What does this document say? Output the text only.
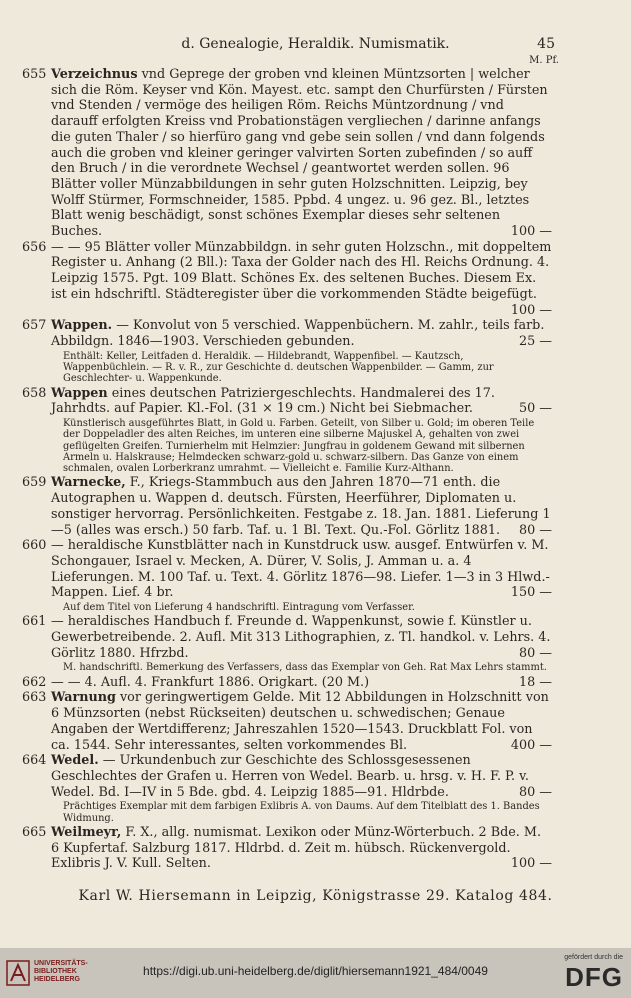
d. Genealogie, Heraldik. Numismatik.	45
M. Pf.
655 Verzeichnus vnd Geprege der groben vnd kleinen Müntzsorten | welcher sich die Röm. Keyser vnd Kön. Mayest. etc. sampt den Churfürsten / Fürsten vnd Stenden / vermöge des heiligen Röm. Reichs Müntzordnung / vnd darauff erfolgten Kreiss vnd Probationstägen vergliechen / darinne anfangs die guten Thaler / so hierfüro gang vnd gebe sein sollen / vnd dann folgends auch die groben vnd kleiner geringer valvirten Sorten zubefinden / so auff den Bruch / in die verordnete Wechsel / geantwortet werden sollen. 96 Blätter voller Münzabbildungen in sehr guten Holzschnitten. Leipzig, bey Wolff Stürmer, Formschneider, 1585. Ppbd. 4 ungez. u. 96 gez. Bl., letztes Blatt wenig beschädigt, sonst schönes Exemplar dieses sehr seltenen Buches.	100 —

656 — — 95 Blätter voller Münzabbildgn. in sehr guten Holzschn., mit doppeltem Register u. Anhang (2 Bll.): Taxa der Golder nach des Hl. Reichs Ordnung. 4. Leipzig 1575. Pgt. 109 Blatt. Schönes Ex. des seltenen Buches. Diesem Ex. ist ein hdschriftl. Städteregister über die vorkommenden Städte beigefügt.
100 —

657 Wappen. — Konvolut von 5 verschied. Wappenbüchern. M. zahlr., teils farb. Abbildgn. 1846—1903. Verschieden gebunden.	25 —

Enthält: Keller, Leitfaden d. Heraldik. — Hildebrandt, Wappenfibel. — Kautzsch, Wappenbüchlein. — R. v. R., zur Geschichte d. deutschen Wappenbilder. — Gamm, zur Geschlechter- u. Wappenkunde.
658 Wappen eines deutschen Patriziergeschlechts. Handmalerei des 17. Jahrhdts. auf Papier. Kl.-Fol. (31 × 19 cm.) Nicht bei Siebmacher.	50 —

Künstlerisch ausgeführtes Blatt, in Gold u. Farben. Geteilt, von Silber u. Gold; im oberen Teile der Doppeladler des alten Reiches, im unteren eine silberne Majuskel A, gehalten von zwei geflügelten Greifen. Turnierhelm mit Helmzier: Jungfrau in goldenem Gewand mit silbernen Armeln u. Halskrause; Helmdecken schwarz-gold u. schwarz-silbern. Das Ganze von einem schmalen, ovalen Lorberkranz umrahmt. — Vielleicht e. Familie Kurz-Althann.
659 Warnecke, F., Kriegs-Stammbuch aus den Jahren 1870—71 enth. die Autographen u. Wappen d. deutsch. Fürsten, Heerführer, Diplomaten u. sonstiger hervorrag. Persönlichkeiten. Festgabe z. 18. Jan. 1881. Lieferung 1—5 (alles was ersch.) 50 farb. Taf. u. 1 Bl. Text. Qu.-Fol. Görlitz 1881. 80 —

660 — heraldische Kunstblätter nach in Kunstdruck usw. ausgef. Entwürfen v. M. Schongauer, Israel v. Mecken, A. Dürer, V. Solis, J. Amman u. a. 4 Lieferungen. M. 100 Taf. u. Text. 4. Görlitz 1876—98. Liefer. 1—3 in 3 Hlwd.-Mappen. Lief. 4 br.	150 —

Auf dem Titel von Lieferung 4 handschriftl. Eintragung vom Verfasser.
661 — heraldisches Handbuch f. Freunde d. Wappenkunst, sowie f. Künstler u. Gewerbetreibende. 2. Aufl. Mit 313 Lithographien, z. Tl. handkol. v. Lehrs. 4. Görlitz 1880. Hfrzbd.	80 —

M. handschriftl. Bemerkung des Verfassers, dass das Exemplar von Geh. Rat Max Lehrs stammt.
662 — — 4. Aufl. 4. Frankfurt 1886. Origkart. (20 M.)	18 —

663 Warnung vor geringwertigem Gelde. Mit 12 Abbildungen in Holzschnitt von 6 Münzsorten (nebst Rückseiten) deutschen u. schwedischen; Genaue Angaben der Wertdifferenz; Jahreszahlen 1520—1543. Druckblatt Fol. von ca. 1544. Sehr interessantes, selten vorkommendes Bl.	400 —

664 Wedel. — Urkundenbuch zur Geschichte des Schlossgesessenen Geschlechtes der Grafen u. Herren von Wedel. Bearb. u. hrsg. v. H. F. P. v. Wedel. Bd. I—IV in 5 Bde. gbd. 4. Leipzig 1885—91. Hldrbde.	80 —

Prächtiges Exemplar mit dem farbigen Exlibris A. von Daums. Auf dem Titelblatt des 1. Bandes Widmung.
665 Weilmeyr, F. X., allg. numismat. Lexikon oder Münz-Wörterbuch. 2 Bde. M. 6 Kupfertaf. Salzburg 1817. Hldrbd. d. Zeit m. hübsch. Rückenvergold. Exlibris J. V. Kull. Selten.	100 —

Karl W. Hiersemann in Leipzig, Königstrasse 29. Katalog 484.
UNIVERSITÄTS-
BIBLIOTHEK
HEIDELBERG
https://digi.ub.uni-heidelberg.de/diglit/hiersemann1921_484/0049
gefördert durch die
DFG
